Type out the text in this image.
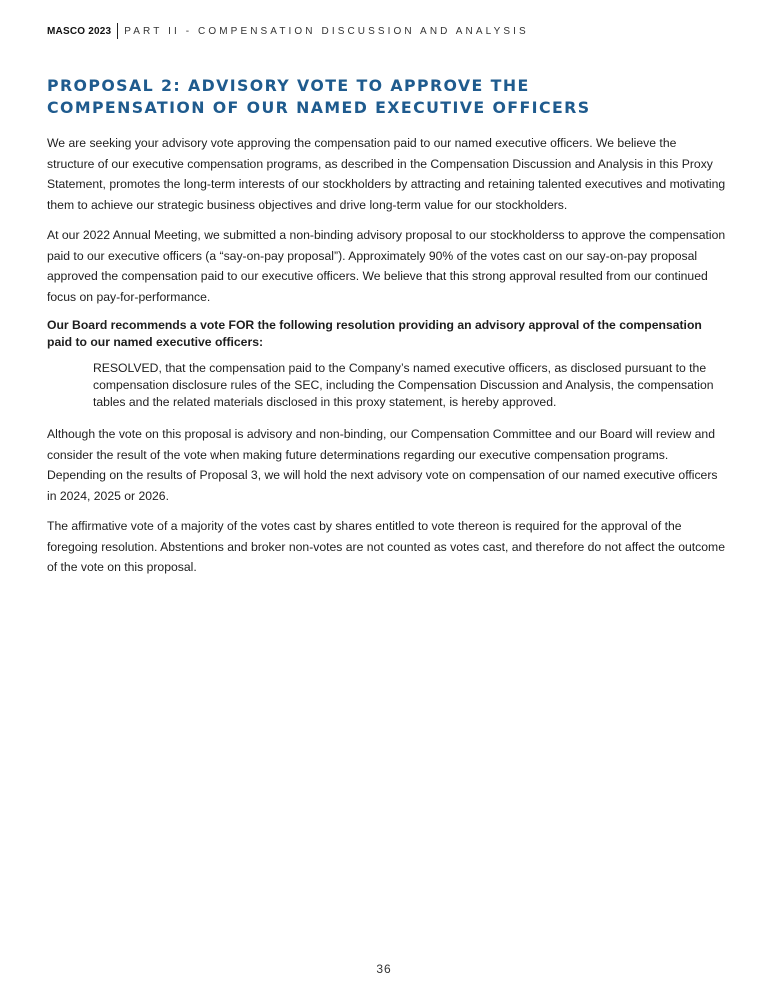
MASCO 2023 PART II - COMPENSATION DISCUSSION AND ANALYSIS
PROPOSAL 2: ADVISORY VOTE TO APPROVE THE
COMPENSATION OF OUR NAMED EXECUTIVE OFFICERS

We are seeking your advisory vote approving the compensation paid to our named executive officers. We believe the structure of our executive compensation programs, as described in the Compensation Discussion and Analysis in this Proxy Statement, promotes the long-term interests of our stockholders by attracting and retaining talented executives and motivating them to achieve our strategic business objectives and drive long-term value for our stockholders.

At our 2022 Annual Meeting, we submitted a non-binding advisory proposal to our stockholderss to approve the compensation paid to our executive officers (a “say-on-pay proposal”). Approximately 90% of the votes cast on our say-on-pay proposal approved the compensation paid to our executive officers. We believe that this strong approval resulted from our continued focus on pay-for-performance.

Our Board recommends a vote FOR the following resolution providing an advisory approval of the compensation paid to our named executive officers:

RESOLVED, that the compensation paid to the Company’s named executive officers, as disclosed pursuant to the compensation disclosure rules of the SEC, including the Compensation Discussion and Analysis, the compensation tables and the related materials disclosed in this proxy statement, is hereby approved.

Although the vote on this proposal is advisory and non-binding, our Compensation Committee and our Board will review and consider the result of the vote when making future determinations regarding our executive compensation programs. Depending on the results of Proposal 3, we will hold the next advisory vote on compensation of our named executive officers in 2024, 2025 or 2026.

The affirmative vote of a majority of the votes cast by shares entitled to vote thereon is required for the approval of the foregoing resolution. Abstentions and broker non-votes are not counted as votes cast, and therefore do not affect the outcome of the vote on this proposal.

36
